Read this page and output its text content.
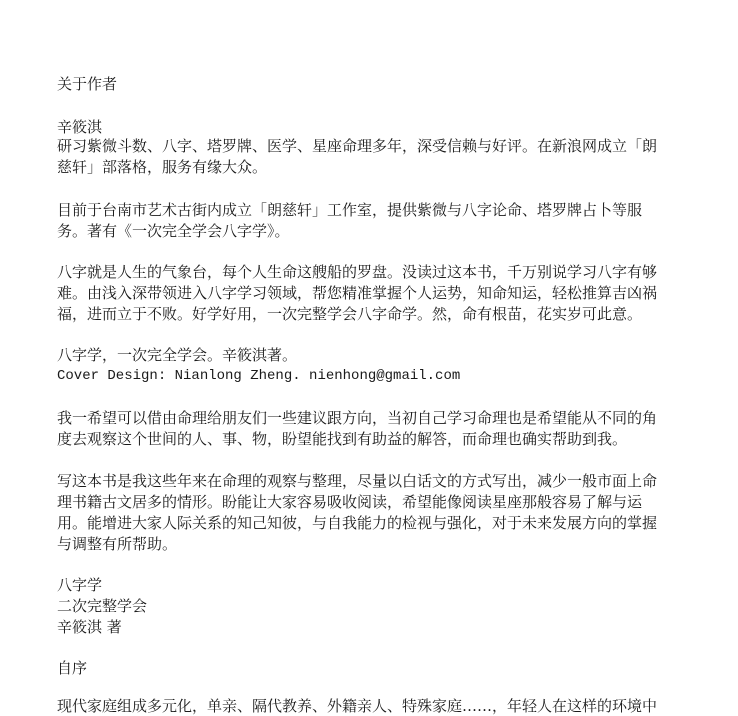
关于作者
辛筱淇
研习紫微斗数、八字、塔罗牌、医学、星座命理多年，深受信赖与好评。在新浪网成立「朗
慈轩」部落格，服务有缘大众。
目前于台南市艺术古街内成立「朗慈轩」工作室，提供紫微与八字论命、塔罗牌占卜等服
务。著有《一次完全学会八字学》。
八字就是人生的气象台，每个人生命这艘船的罗盘。没读过这本书，千万别说学习八字有够
难。由浅入深带领进入八字学习领域，帮您精准掌握个人运势，知命知运，轻松推算吉凶祸
福，进而立于不败。好学好用，一次完整学会八字命学。然，命有根苗，花实岁可此意。
八字学，一次完全学会。辛筱淇著。
Cover Design: Nianlong Zheng. nienhong@gmail.com
我一希望可以借由命理给朋友们一些建议跟方向，当初自己学习命理也是希望能从不同的角
度去观察这个世间的人、事、物，盼望能找到有助益的解答，而命理也确实帮助到我。
写这本书是我这些年来在命理的观察与整理，尽量以白话文的方式写出，减少一般市面上命
理书籍古文居多的情形。盼能让大家容易吸收阅读，希望能像阅读星座那般容易了解与运
用。能增进大家人际关系的知己知彼，与自我能力的检视与强化，对于未来发展方向的掌握
与调整有所帮助。
八字学
二次完整学会
辛筱淇 著
自序
现代家庭组成多元化，单亲、隔代教养、外籍亲人、特殊家庭……，年轻人在这样的环境中
